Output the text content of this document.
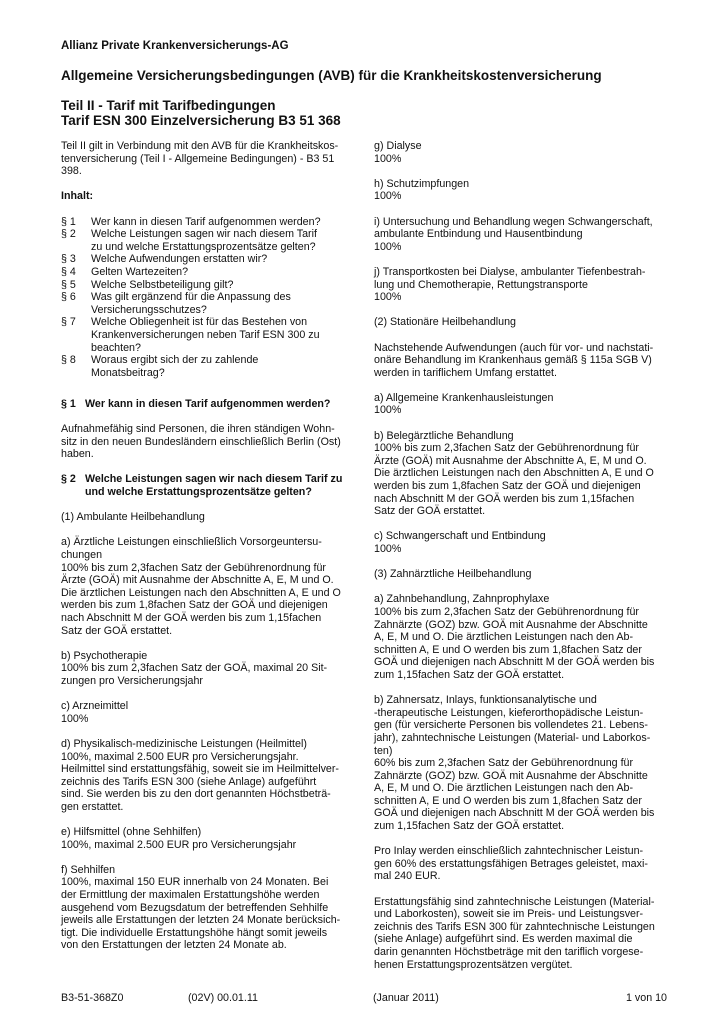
Allianz Private Krankenversicherungs-AG
Allgemeine Versicherungsbedingungen (AVB) für die Krankheitskostenversicherung
Teil II - Tarif mit Tarifbedingungen
Tarif ESN 300 Einzelversicherung B3 51 368

Teil II gilt in Verbindung mit den AVB für die Krankheitskos-
tenversicherung (Teil I - Allgemeine Bedingungen) - B3 51
398.

Inhalt:
§ 1	Wer kann in diesen Tarif aufgenommen werden?
§ 2	Welche Leistungen sagen wir nach diesem Tarif
zu und welche Erstattungsprozentsätze gelten?
§ 3	Welche Aufwendungen erstatten wir?
§ 4	Gelten Wartezeiten?
§ 5	Welche Selbstbeteiligung gilt?
§ 6	Was gilt ergänzend für die Anpassung des
Versicherungsschutzes?
§ 7	Welche Obliegenheit ist für das Bestehen von
Krankenversicherungen neben Tarif ESN 300 zu
beachten?
§ 8	Woraus ergibt sich der zu zahlende
Monatsbeitrag?

§ 1 Wer kann in diesen Tarif aufgenommen werden?

Aufnahmefähig sind Personen, die ihren ständigen Wohn-
sitz in den neuen Bundesländern einschließlich Berlin (Ost)
haben.

§ 2 Welche Leistungen sagen wir nach diesem Tarif zu
und welche Erstattungsprozentsätze gelten?

(1) Ambulante Heilbehandlung

a) Ärztliche Leistungen einschließlich Vorsorgeuntersu-
chungen
100% bis zum 2,3fachen Satz der Gebührenordnung für
Ärzte (GOÄ) mit Ausnahme der Abschnitte A, E, M und O.
Die ärztlichen Leistungen nach den Abschnitten A, E und O
werden bis zum 1,8fachen Satz der GOÄ und diejenigen
nach Abschnitt M der GOÄ werden bis zum 1,15fachen
Satz der GOÄ erstattet.

b) Psychotherapie
100% bis zum 2,3fachen Satz der GOÄ, maximal 20 Sit-
zungen pro Versicherungsjahr

c) Arzneimittel
100%

d) Physikalisch-medizinische Leistungen (Heilmittel)
100%, maximal 2.500 EUR pro Versicherungsjahr.
Heilmittel sind erstattungsfähig, soweit sie im Heilmittelver-
zeichnis des Tarifs ESN 300 (siehe Anlage) aufgeführt
sind. Sie werden bis zu den dort genannten Höchstbeträ-
gen erstattet.

e) Hilfsmittel (ohne Sehhilfen)
100%, maximal 2.500 EUR pro Versicherungsjahr

f) Sehhilfen
100%, maximal 150 EUR innerhalb von 24 Monaten. Bei
der Ermittlung der maximalen Erstattungshöhe werden
ausgehend vom Bezugsdatum der betreffenden Sehhilfe
jeweils alle Erstattungen der letzten 24 Monate berücksich-
tigt. Die individuelle Erstattungshöhe hängt somit jeweils
von den Erstattungen der letzten 24 Monate ab.

g) Dialyse
100%

h) Schutzimpfungen
100%

i) Untersuchung und Behandlung wegen Schwangerschaft,
ambulante Entbindung und Hausentbindung
100%

j) Transportkosten bei Dialyse, ambulanter Tiefenbestrah-
lung und Chemotherapie, Rettungstransporte
100%

(2) Stationäre Heilbehandlung

Nachstehende Aufwendungen (auch für vor- und nachstati-
onäre Behandlung im Krankenhaus gemäß § 115a SGB V)
werden in tariflichem Umfang erstattet.

a) Allgemeine Krankenhausleistungen
100%

b) Belegärztliche Behandlung
100% bis zum 2,3fachen Satz der Gebührenordnung für
Ärzte (GOÄ) mit Ausnahme der Abschnitte A, E, M und O.
Die ärztlichen Leistungen nach den Abschnitten A, E und O
werden bis zum 1,8fachen Satz der GOÄ und diejenigen
nach Abschnitt M der GOÄ werden bis zum 1,15fachen
Satz der GOÄ erstattet.

c) Schwangerschaft und Entbindung
100%

(3) Zahnärztliche Heilbehandlung

a) Zahnbehandlung, Zahnprophylaxe
100% bis zum 2,3fachen Satz der Gebührenordnung für
Zahnärzte (GOZ) bzw. GOÄ mit Ausnahme der Abschnitte
A, E, M und O. Die ärztlichen Leistungen nach den Ab-
schnitten A, E und O werden bis zum 1,8fachen Satz der
GOÄ und diejenigen nach Abschnitt M der GOÄ werden bis
zum 1,15fachen Satz der GOÄ erstattet.

b) Zahnersatz, Inlays, funktionsanalytische und
-therapeutische Leistungen, kieferorthopädische Leistun-
gen (für versicherte Personen bis vollendetes 21. Lebens-
jahr), zahntechnische Leistungen (Material- und Laborkos-
ten)
60% bis zum 2,3fachen Satz der Gebührenordnung für
Zahnärzte (GOZ) bzw. GOÄ mit Ausnahme der Abschnitte
A, E, M und O. Die ärztlichen Leistungen nach den Ab-
schnitten A, E und O werden bis zum 1,8fachen Satz der
GOÄ und diejenigen nach Abschnitt M der GOÄ werden bis
zum 1,15fachen Satz der GOÄ erstattet.

Pro Inlay werden einschließlich zahntechnischer Leistun-
gen 60% des erstattungsfähigen Betrages geleistet, maxi-
mal 240 EUR.

Erstattungsfähig sind zahntechnische Leistungen (Material-
und Laborkosten), soweit sie im Preis- und Leistungsver-
zeichnis des Tarifs ESN 300 für zahntechnische Leistungen
(siehe Anlage) aufgeführt sind. Es werden maximal die
darin genannten Höchstbeträge mit den tariflich vorgese-
henen Erstattungsprozentsätzen vergütet.

B3-51-368Z0	(02V) 00.01.11	(Januar 2011)	1 von 10
